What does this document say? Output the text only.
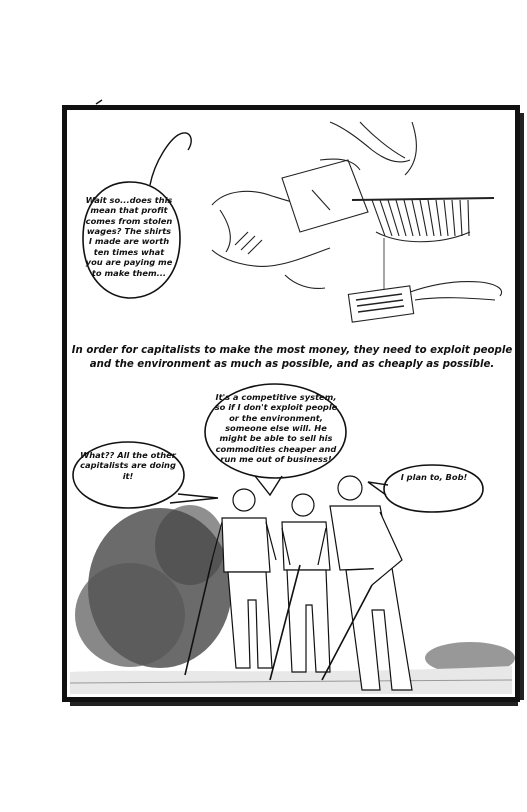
Wait so...does this mean that profit comes from stolen wages? The shirts I made are worth ten times what you are paying me to make them...
It's a competitive system, so if I don't exploit people or the environment, someone else will. He might be able to sell his commodities cheaper and run me out of business!
What?? All the other capitalists are doing it!	I plan to, Bob!
In order for capitalists to make the most money, they need to exploit people and the environment as much as possible, and as cheaply as possible.
